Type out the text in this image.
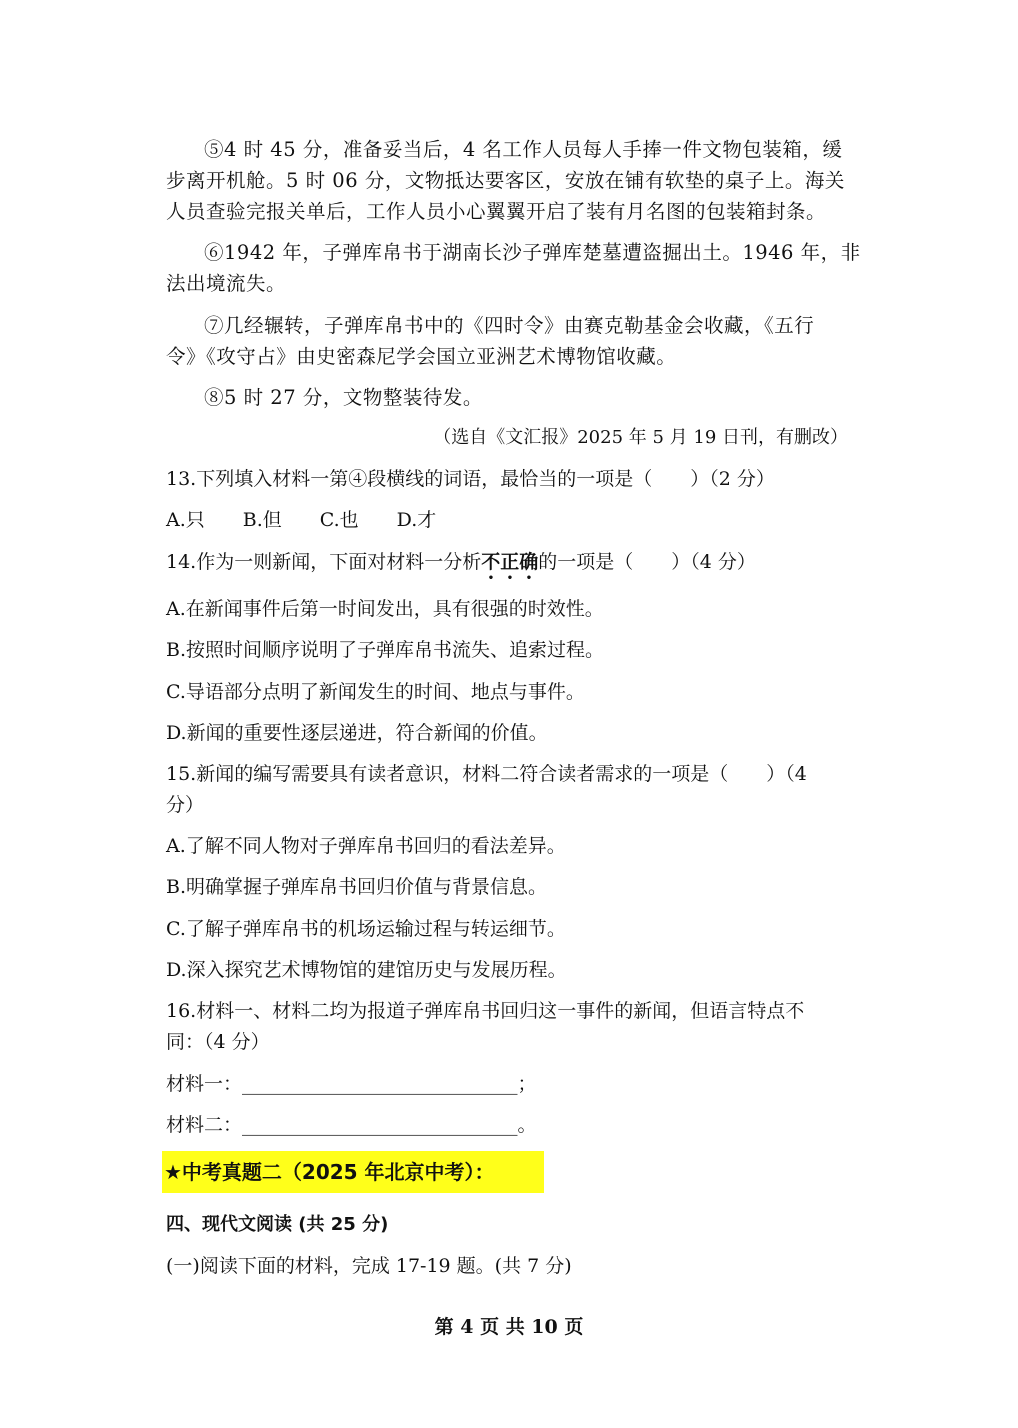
⑤4 时 45 分，准备妥当后，4 名工作人员每人手捧一件文物包装箱，缓
步离开机舱。5 时 06 分，文物抵达要客区，安放在铺有软垫的桌子上。海关
人员查验完报关单后，工作人员小心翼翼开启了装有月名图的包装箱封条。
⑥1942 年，子弹库帛书于湖南长沙子弹库楚墓遭盗掘出土。1946 年，非
法出境流失。
⑦几经辗转，子弹库帛书中的《四时令》由赛克勒基金会收藏，《五行
令》《攻守占》由史密森尼学会国立亚洲艺术博物馆收藏。
⑧5 时 27 分，文物整装待发。
（选自《文汇报》2025 年 5 月 19 日刊，有删改）
13.下列填入材料一第④段横线的词语，最恰当的一项是（　　）（2 分）
A.只　　B.但　　C.也　　D.才
14.作为一则新闻，下面对材料一分析不正确的一项是（　　）（4 分）
A.在新闻事件后第一时间发出，具有很强的时效性。
B.按照时间顺序说明了子弹库帛书流失、追索过程。
C.导语部分点明了新闻发生的时间、地点与事件。
D.新闻的重要性逐层递进，符合新闻的价值。
15.新闻的编写需要具有读者意识，材料二符合读者需求的一项是（　　）（4
分）
A.了解不同人物对子弹库帛书回归的看法差异。
B.明确掌握子弹库帛书回归价值与背景信息。
C.了解子弹库帛书的机场运输过程与转运细节。
D.深入探究艺术博物馆的建馆历史与发展历程。
16.材料一、材料二均为报道子弹库帛书回归这一事件的新闻，但语言特点不
同：（4 分）
材料一：_____________________________；
材料二：_____________________________。
★中考真题二（2025 年北京中考）：
四、现代文阅读 (共 25 分)
(一)阅读下面的材料，完成 17-19 题。(共 7 分)
第 4 页 共 10 页
